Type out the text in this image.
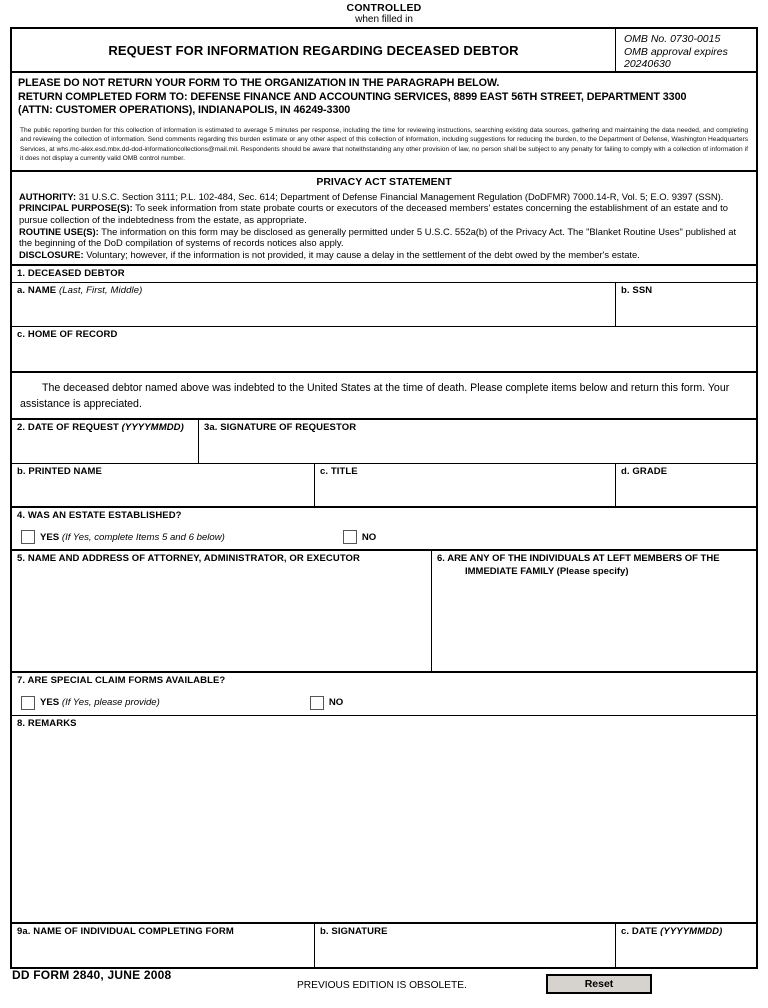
CONTROLLED
when filled in
REQUEST FOR INFORMATION REGARDING DECEASED DEBTOR
OMB No. 0730-0015
OMB approval expires
20240630
PLEASE DO NOT RETURN YOUR FORM TO THE ORGANIZATION IN THE PARAGRAPH BELOW.
RETURN COMPLETED FORM TO: DEFENSE FINANCE AND ACCOUNTING SERVICES, 8899 EAST 56TH STREET, DEPARTMENT 3300
(ATTN: CUSTOMER OPERATIONS), INDIANAPOLIS, IN 46249-3300
The public reporting burden for this collection of information is estimated to average 5 minutes per response, including the time for reviewing instructions, searching existing data sources, gathering and maintaining the data needed, and completing and reviewing the collection of information. Send comments regarding this burden estimate or any other aspect of this collection of information, including suggestions for reducing the burden, to the Department of Defense, Washington Headquarters Services, at whs.mc-alex.esd.mbx.dd-dod-informationcollections@mail.mil. Respondents should be aware that notwithstanding any other provision of law, no person shall be subject to any penalty for failing to comply with a collection of information if it does not display a currently valid OMB control number.
PRIVACY ACT STATEMENT
AUTHORITY: 31 U.S.C. Section 3111; P.L. 102-484, Sec. 614; Department of Defense Financial Management Regulation (DoDFMR) 7000.14-R, Vol. 5; E.O. 9397 (SSN).
PRINCIPAL PURPOSE(S): To seek information from state probate courts or executors of the deceased members' estates concerning the establishment of an estate and to pursue collection of the indebtedness from the estate, as appropriate.
ROUTINE USE(S): The information on this form may be disclosed as generally permitted under 5 U.S.C. 552a(b) of the Privacy Act. The "Blanket Routine Uses" published at the beginning of the DoD compilation of systems of records notices also apply.
DISCLOSURE: Voluntary; however, if the information is not provided, it may cause a delay in the settlement of the debt owed by the member's estate.
1. DECEASED DEBTOR
a. NAME (Last, First, Middle)	b. SSN
c. HOME OF RECORD
The deceased debtor named above was indebted to the United States at the time of death. Please complete items below and return this form. Your assistance is appreciated.
2. DATE OF REQUEST (YYYYMMDD)	3a. SIGNATURE OF REQUESTOR
b. PRINTED NAME	c. TITLE	d. GRADE
4. WAS AN ESTATE ESTABLISHED?
YES (If Yes, complete Items 5 and 6 below)	NO
5. NAME AND ADDRESS OF ATTORNEY, ADMINISTRATOR, OR EXECUTOR	6. ARE ANY OF THE INDIVIDUALS AT LEFT MEMBERS OF THE
IMMEDIATE FAMILY (Please specify)
7. ARE SPECIAL CLAIM FORMS AVAILABLE?
YES (If Yes, please provide)	NO
8. REMARKS
9a. NAME OF INDIVIDUAL COMPLETING FORM	b. SIGNATURE	c. DATE (YYYYMMDD)
DD FORM 2840, JUNE 2008
PREVIOUS EDITION IS OBSOLETE.	Reset
